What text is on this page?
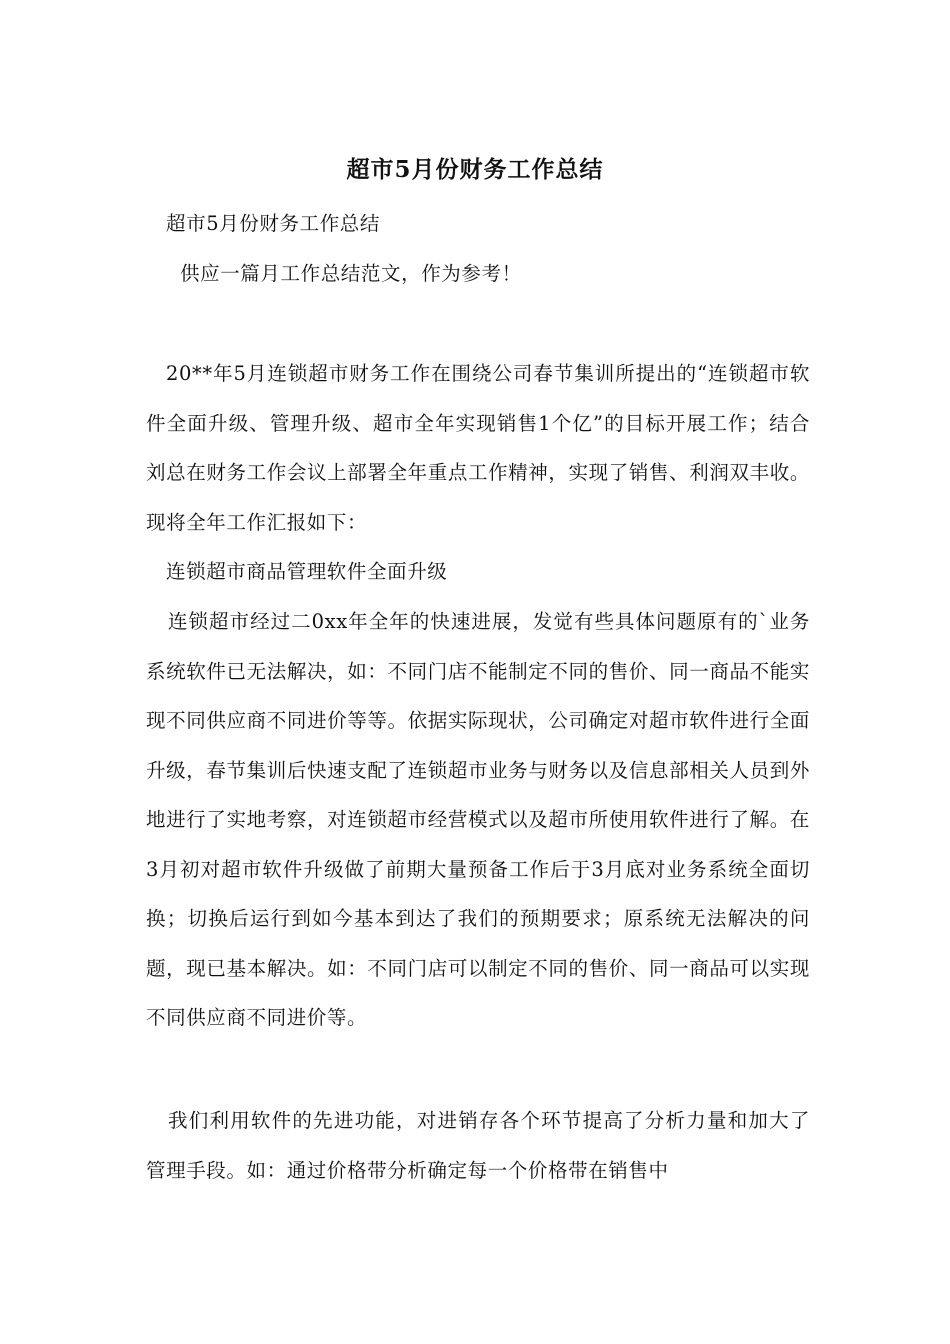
超市5月份财务工作总结

超市5月份财务工作总结

供应一篇月工作总结范文，作为参考！

20**年5月连锁超市财务工作在围绕公司春节集训所提出的“连锁超市软件全面升级、管理升级、超市全年实现销售1个亿”的目标开展工作；结合刘总在财务工作会议上部署全年重点工作精神，实现了销售、利润双丰收。现将全年工作汇报如下：

连锁超市商品管理软件全面升级

连锁超市经过二0xx年全年的快速进展，发觉有些具体问题原有的`业务系统软件已无法解决，如：不同门店不能制定不同的售价、同一商品不能实现不同供应商不同进价等等。依据实际现状，公司确定对超市软件进行全面升级，春节集训后快速支配了连锁超市业务与财务以及信息部相关人员到外地进行了实地考察，对连锁超市经营模式以及超市所使用软件进行了解。在3月初对超市软件升级做了前期大量预备工作后于3月底对业务系统全面切换；切换后运行到如今基本到达了我们的预期要求；原系统无法解决的问题，现已基本解决。如：不同门店可以制定不同的售价、同一商品可以实现不同供应商不同进价等。

我们利用软件的先进功能，对进销存各个环节提高了分析力量和加大了管理手段。如：通过价格带分析确定每一个价格带在销售中
